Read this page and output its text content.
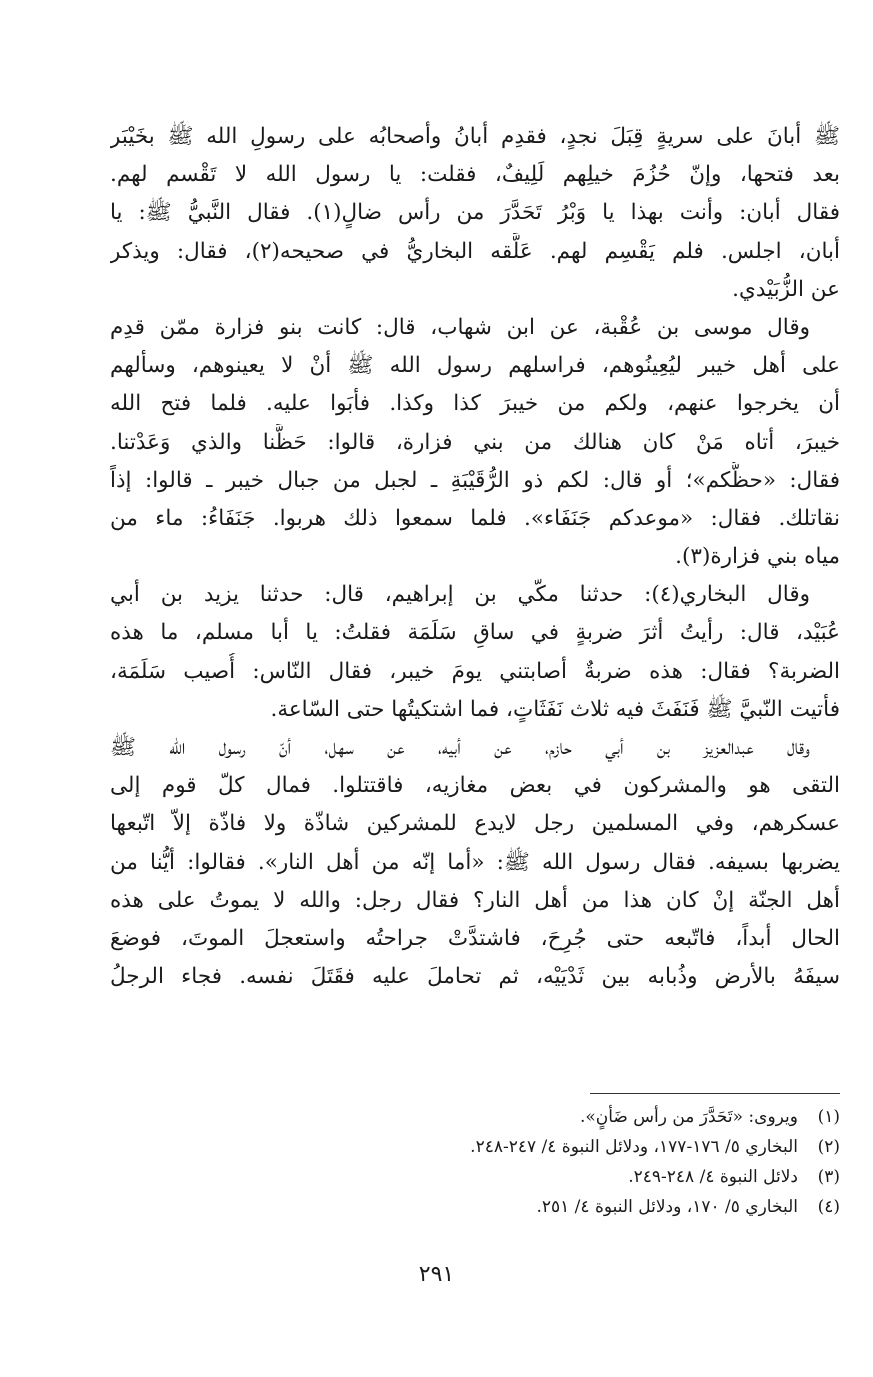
ﷺ أبانَ على سريةٍ قِبَلَ نجدٍ، فقدِم أبانُ وأصحابُه على رسولِ الله ﷺ بخَيْبَر
بعد فتحها، وإنّ حُزُمَ خيلِهم لَلِيفٌ، فقلت: يا رسول الله لا تَقْسم لهم.
فقال أبان: وأنت بهذا يا وَبْرُ تَحَدَّرَ من رأس ضالٍ(١). فقال النَّبيُّ ﷺ: يا
أبان، اجلس. فلم يَقْسِم لهم. عَلَّقه البخاريُّ في صحيحه(٢)، فقال: ويذكر
عن الزُّبَيْدي.
وقال موسى بن عُقْبة، عن ابن شهاب، قال: كانت بنو فزارة ممّن قدِم
على أهل خيبر ليُعِينُوهم، فراسلهم رسول الله ﷺ أنْ لا يعينوهم، وسألهم
أن يخرجوا عنهم، ولكم من خيبرَ كذا وكذا. فأبَوا عليه. فلما فتح الله
خيبرَ، أتاه مَنْ كان هنالك من بني فزارة، قالوا: حَظَّنا والذي وَعَدْتنا.
فقال: «حظُّكم»؛ أو قال: لكم ذو الرُّقَيْبَةِ ـ لجبل من جبال خيبر ـ قالوا: إذاً
نقاتلك. فقال: «موعدكم جَنَفَاء». فلما سمعوا ذلك هربوا. جَنَفَاءُ: ماء من
مياه بني فزارة(٣).
وقال البخاري(٤): حدثنا مكّي بن إبراهيم، قال: حدثنا يزيد بن أبي
عُبَيْد، قال: رأيتُ أثرَ ضربةٍ في ساقِ سَلَمَة فقلتُ: يا أبا مسلم، ما هذه
الضربة؟ فقال: هذه ضربةٌ أصابتني يومَ خيبر، فقال النّاس: أُصيب سَلَمَة،
فأتيت النّبيَّ ﷺ فَنَفَثَ فيه ثلاث نَفَثَاتٍ، فما اشتكيتُها حتى السّاعة.
وقال عبدالعزيز بن أبي حازم، عن أبيه، عن سهل، أنّ رسول الله ﷺ
التقى هو والمشركون في بعض مغازيه، فاقتتلوا. فمال كلّ قوم إلى
عسكرهم، وفي المسلمين رجل لايدع للمشركين شاذّة ولا فاذّة إلاّ اتّبعها
يضربها بسيفه. فقال رسول الله ﷺ: «أما إنّه من أهل النار». فقالوا: أيُّنا من
أهل الجنّة إنْ كان هذا من أهل النار؟ فقال رجل: والله لا يموتُ على هذه
الحال أبداً، فاتّبعه حتى جُرِحَ، فاشتدَّتْ جراحتُه واستعجلَ الموتَ، فوضعَ
سيفَهُ بالأرض وذُبابه بين ثَدْيَيْه، ثم تحاملَ عليه فقَتَلَ نفسه. فجاء الرجلُ
(١)ويروى: «تَحَدَّرَ من رأس ضَأنٍ».
(٢)البخاري ٥/ ١٧٦-١٧٧، ودلائل النبوة ٤/ ٢٤٧-٢٤٨.
(٣)دلائل النبوة ٤/ ٢٤٨-٢٤٩.
(٤)البخاري ٥/ ١٧٠، ودلائل النبوة ٤/ ٢٥١.
٢٩١
